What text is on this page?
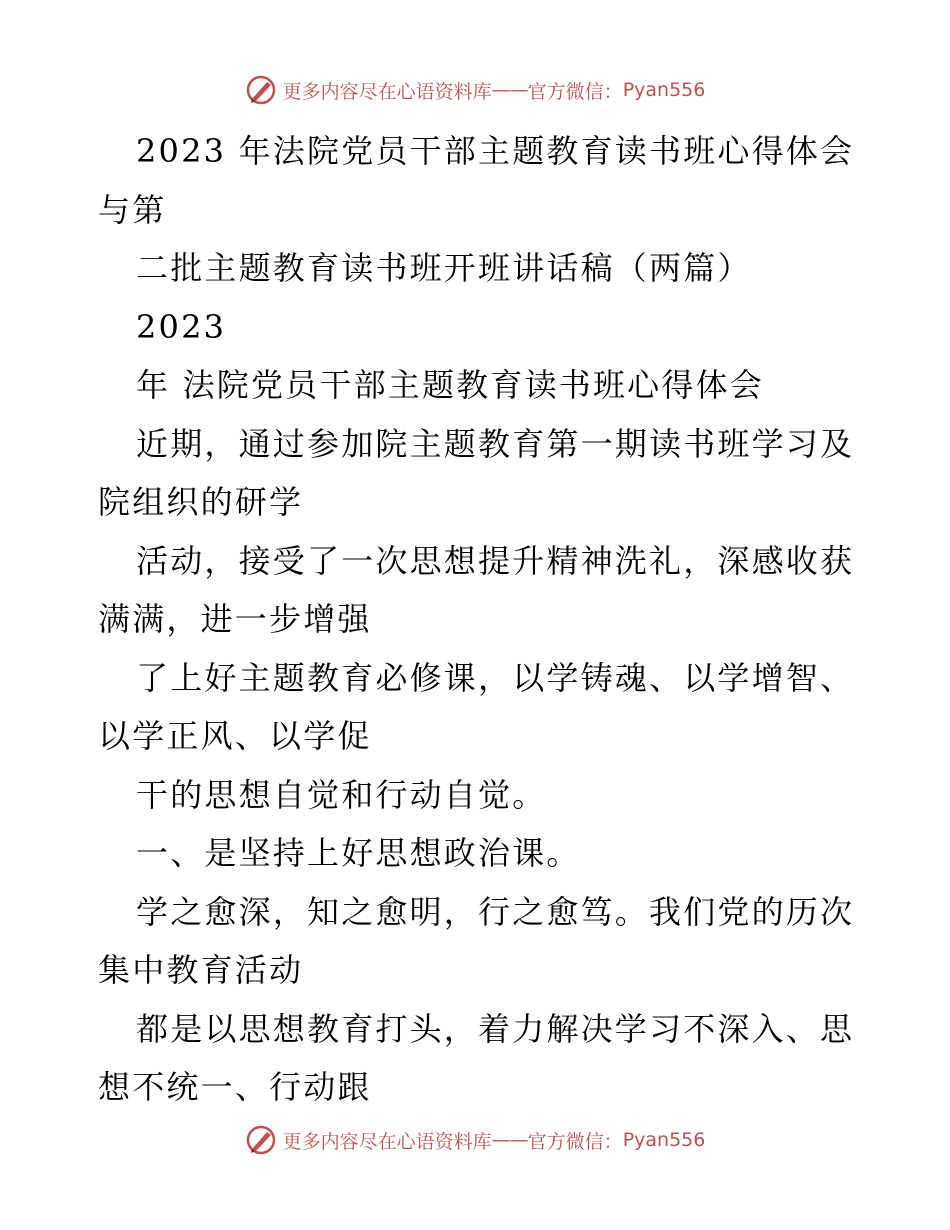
更多内容尽在心语资料库 —— 官方微信： Pyan556
2023 年法院党员干部主题教育读书班心得体会
与第
二批主题教育读书班开班讲话稿（两篇）
2023
年 法院党员干部主题教育读书班心得体会
近期，通过参加院主题教育第一期读书班学习及
院组织的研学
活动，接受了一次思想提升精神洗礼，深感收获
满满，进一步增强
了上好主题教育必修课，以学铸魂、以学增智、
以学正风、以学促
干的思想自觉和行动自觉。
一、是坚持上好思想政治课。
学之愈深，知之愈明，行之愈笃。我们党的历次
集中教育活动
都是以思想教育打头，着力解决学习不深入、思
想不统一、行动跟
更多内容尽在心语资料库 —— 官方微信： Pyan556
